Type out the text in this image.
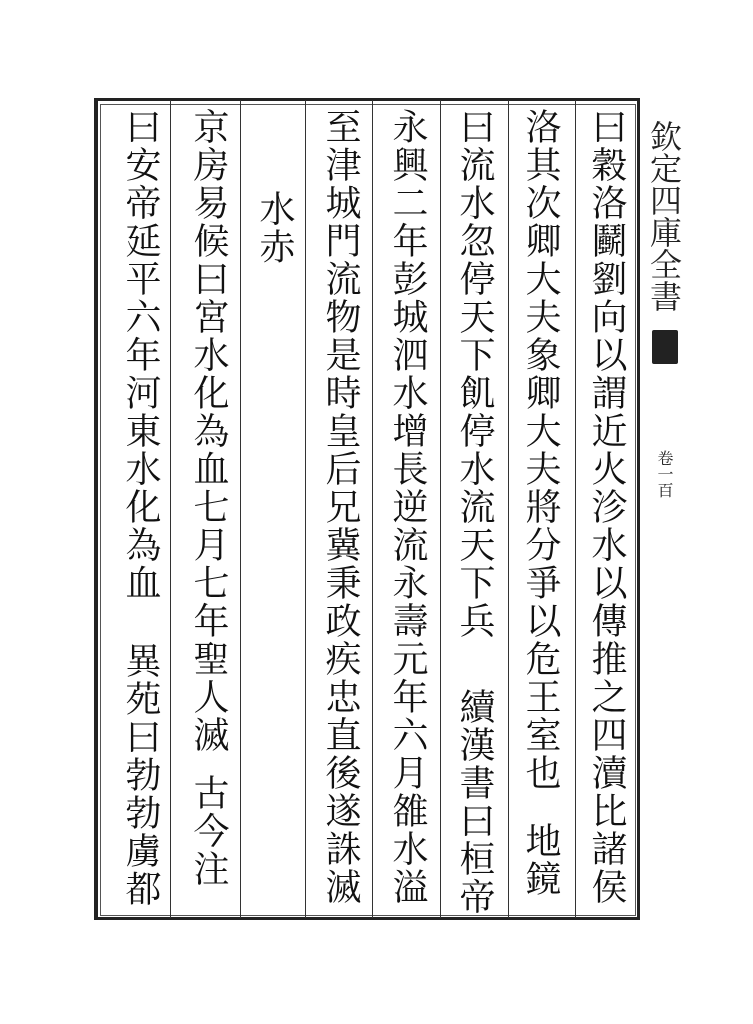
欽定四庫全書
卷一百
曰穀洛鬬劉向以謂近火沴水以傳推之四瀆比諸侯
洛其次卿大夫象卿大夫將分爭以危王室也地鏡
曰流水忽停天下飢停水流天下兵續漢書曰桓帝
永興二年彭城泗水增長逆流永壽元年六月雒水溢
至津城門流物是時皇后兄冀秉政疾忠直後遂誅滅
水赤
京房易候曰宮水化為血七月七年聖人滅古今注
曰安帝延平六年河東水化為血異苑曰勃勃虜都
